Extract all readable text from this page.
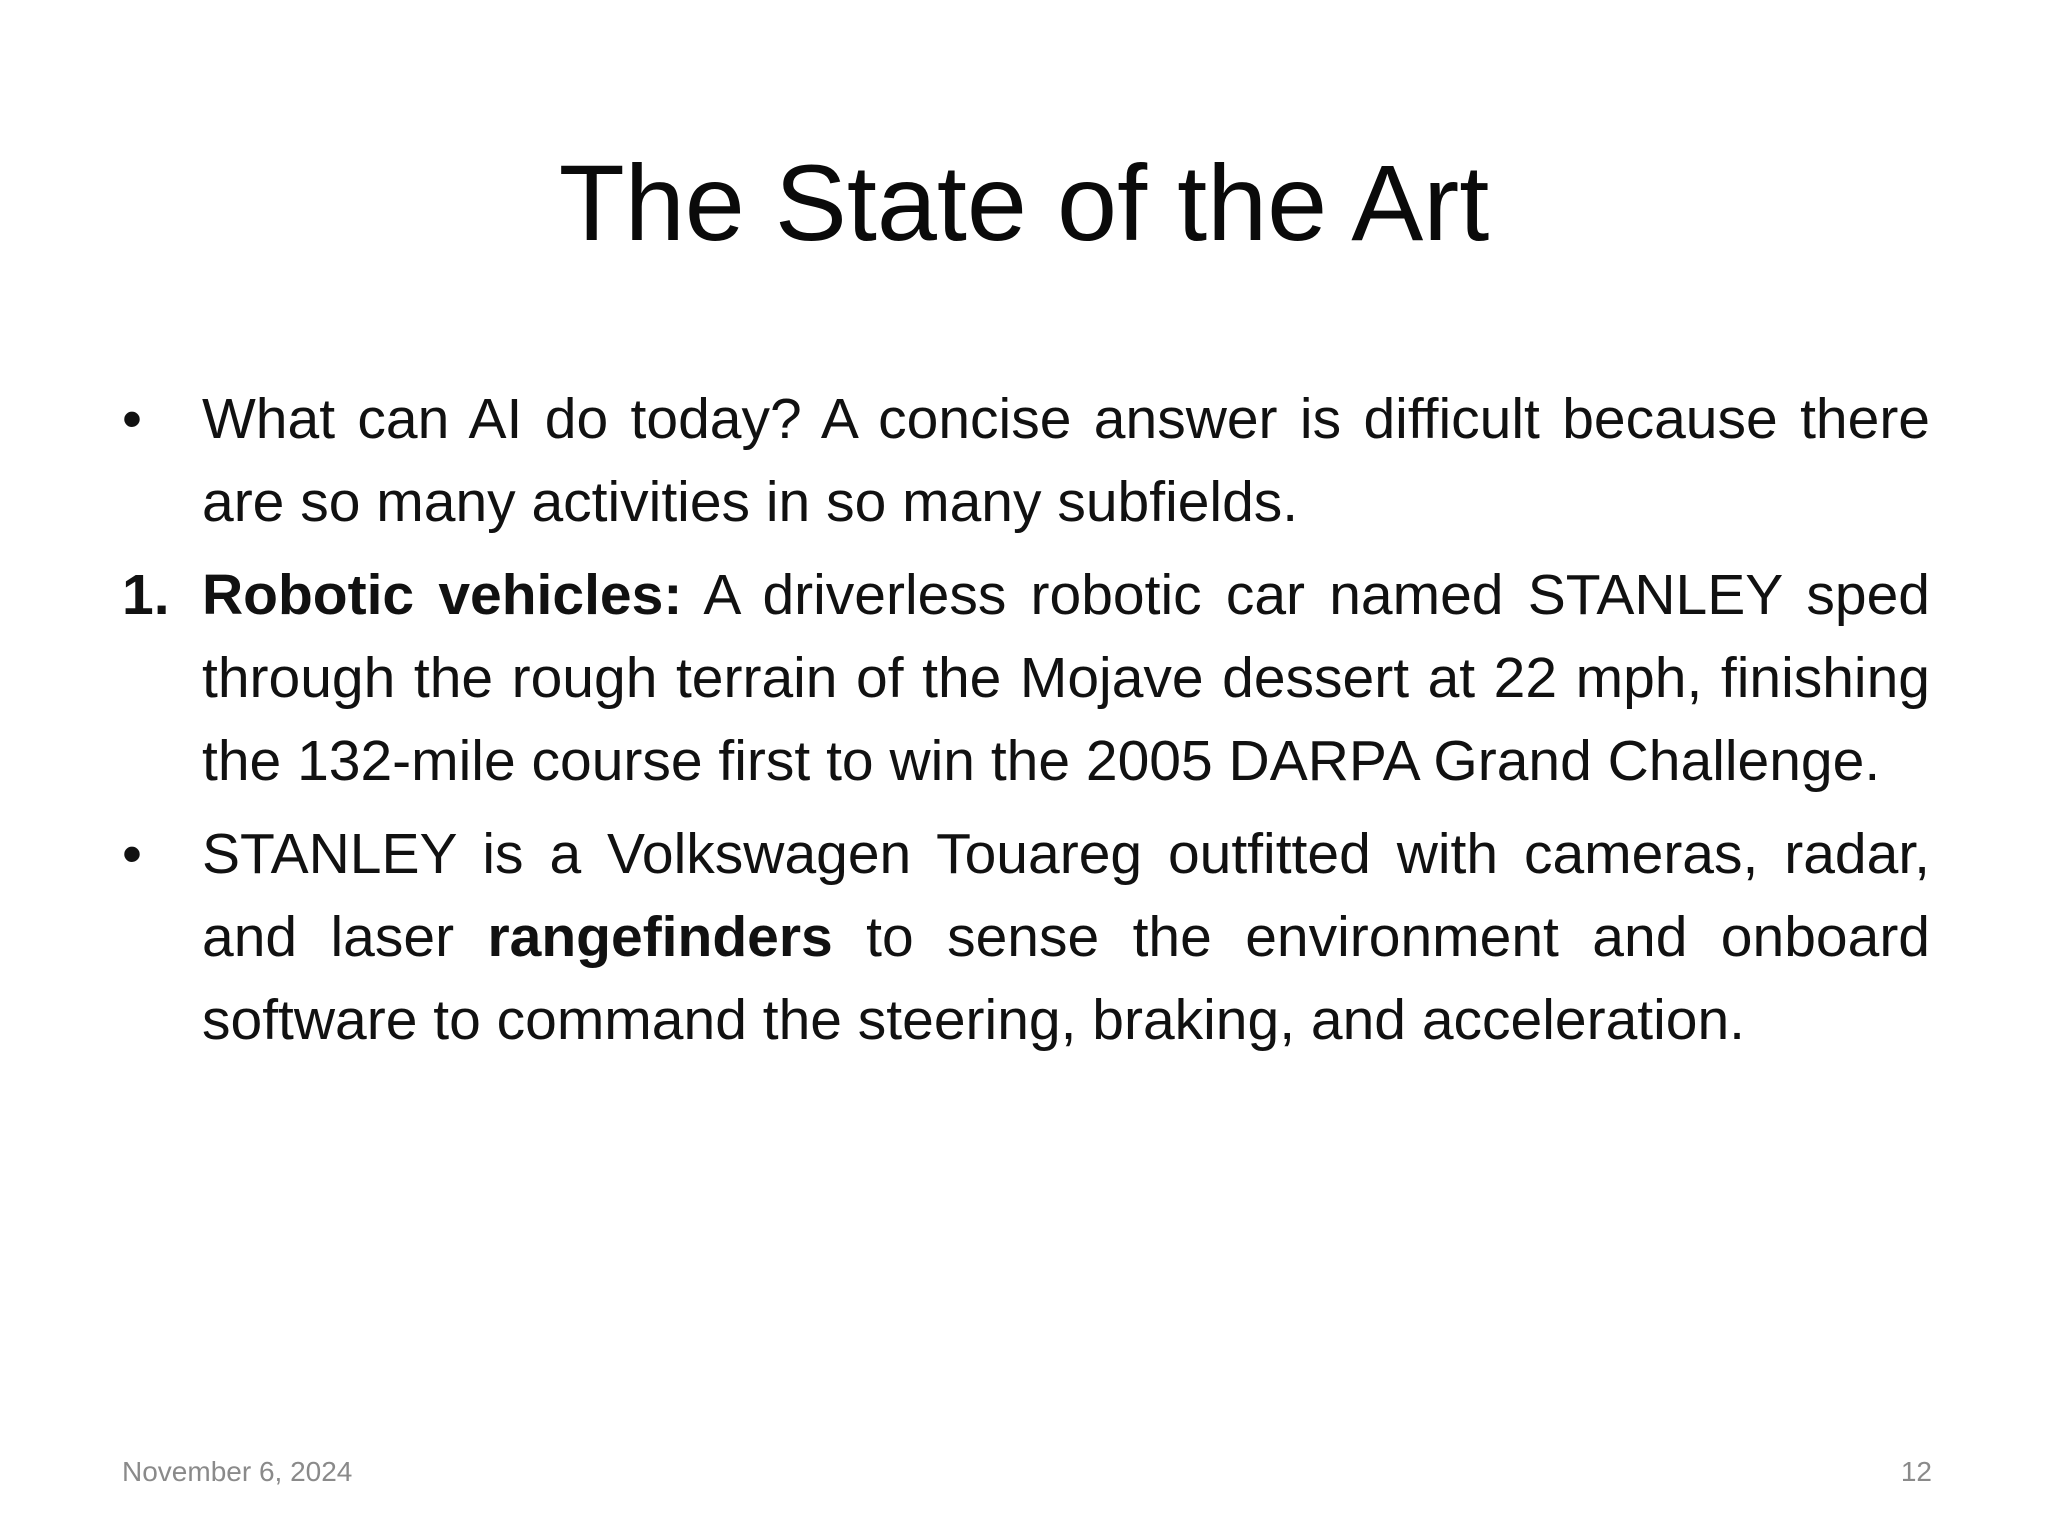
The State of the Art

• What can AI do today? A concise answer is difficult because there are so many activities in so many subfields.

1. Robotic vehicles: A driverless robotic car named STANLEY sped through the rough terrain of the Mojave dessert at 22 mph, finishing the 132-mile course first to win the 2005 DARPA Grand Challenge.

• STANLEY is a Volkswagen Touareg outfitted with cameras, radar, and laser rangefinders to sense the environment and onboard software to command the steering, braking, and acceleration.

November 6, 2024	12
